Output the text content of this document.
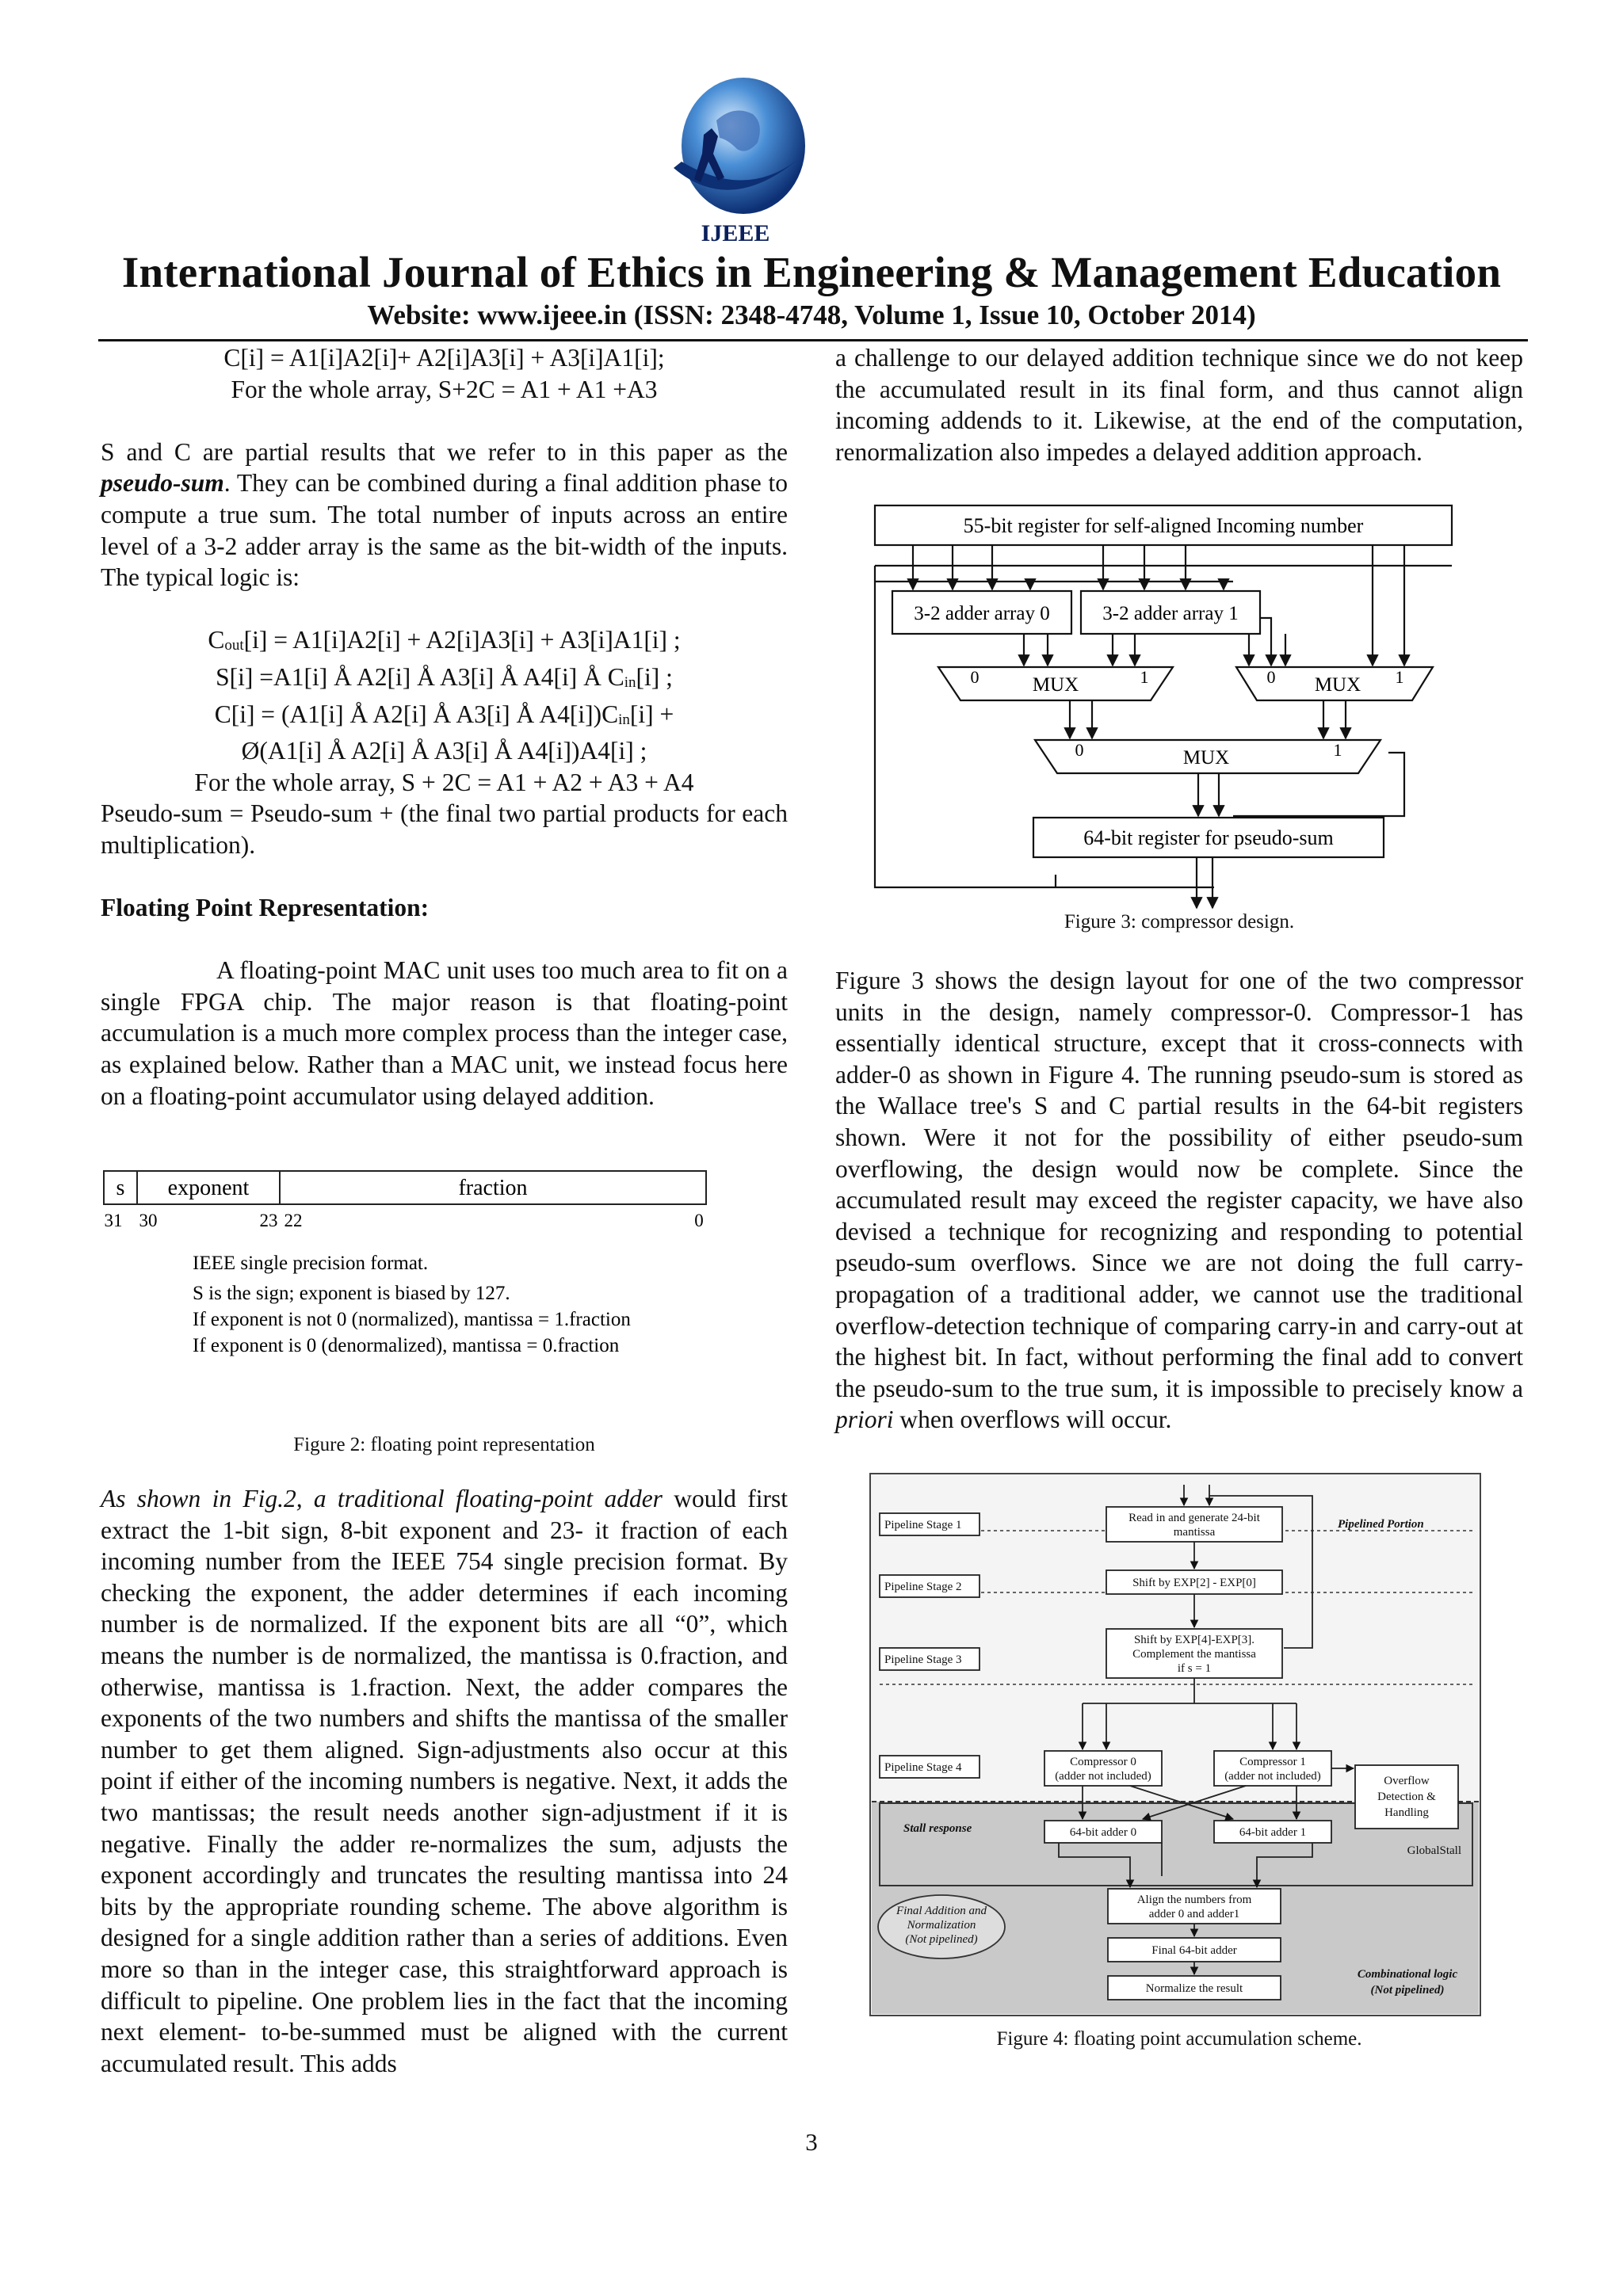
IJEEE
International Journal of Ethics in Engineering & Management Education
Website: www.ijeee.in (ISSN: 2348-4748, Volume 1, Issue 10, October 2014)

C[i] = A1[i]A2[i]+ A2[i]A3[i] + A3[i]A1[i];

For the whole array, S+2C = A1 + A1 +A3

S and C are partial results that we refer to in this paper as the pseudo-sum. They can be combined during a final addition phase to compute a true sum. The total number of inputs across an entire level of a 3-2 adder array is the same as the bit-width of the inputs. The typical logic is:

$C_{out}[i] = A1[i]A2[i] + A2[i]A3[i] + A3[i]A1[i]$ ;

S[i] =A1[i] Å A2[i] Å A3[i] Å A4[i] Å $C_{in}[i]$ ;

C[i] = (A1[i] Å A2[i] Å A3[i] Å $A4[i])C_{in}[i]$ +

Ø(A1[i] Å A2[i] Å A3[i] Å A4[i])A4[i] ;

For the whole array, S + 2C = A1 + A2 + A3 + A4

Pseudo-sum = Pseudo-sum + (the final two partial products for each multiplication).

Floating Point Representation:

A floating-point MAC unit uses too much area to fit on a single FPGA chip. The major reason is that floating-point accumulation is a much more complex process than the integer case, as explained below. Rather than a MAC unit, we instead focus here on a floating-point accumulator using delayed addition.

s exponent	fraction
31 30	23 22	0
IEEE single precision format.
S is the sign; exponent is biased by 127.
If exponent is not 0 (normalized), mantissa = 1.fraction
If exponent is 0 (denormalized), mantissa = 0.fraction
Figure 2: floating point representation

As shown in Fig.2, a traditional floating-point adder would first extract the 1-bit sign, 8-bit exponent and 23- it fraction of each incoming number from the IEEE 754 single precision format. By checking the exponent, the adder determines if each incoming number is de normalized. If the exponent bits are all “0”, which means the number is de normalized, the mantissa is 0.fraction, and otherwise, mantissa is 1.fraction. Next, the adder compares the exponents of the two numbers and shifts the mantissa of the smaller number to get them aligned. Sign-adjustments also occur at this point if either of the incoming numbers is negative. Next, it adds the two mantissas; the result needs another sign-adjustment if it is negative. Finally the adder re-normalizes the sum, adjusts the exponent accordingly and truncates the resulting mantissa into 24 bits by the appropriate rounding scheme. The above algorithm is designed for a single addition rather than a series of additions. Even more so than in the integer case, this straightforward approach is difficult to pipeline. One problem lies in the fact that the incoming next element- to-be-summed must be aligned with the current accumulated result. This adds

a challenge to our delayed addition technique since we do not keep the accumulated result in its final form, and thus cannot align incoming addends to it. Likewise, at the end of the computation, renormalization also impedes a delayed addition approach.

55-bit register for self-aligned Incoming number
3-2 adder array 0	3-2 adder array 1
MUX
0	1	MUX
0	1
MUX
0	1
64-bit register for pseudo-sum
Figure 3: compressor design.

Figure 3 shows the design layout for one of the two compressor units in the design, namely compressor-0. Compressor-1 has essentially identical structure, except that it cross-connects with adder-0 as shown in Figure 4. The running pseudo-sum is stored as the Wallace tree's S and C partial results in the 64-bit registers shown. Were it not for the possibility of either pseudo-sum overflowing, the design would now be complete. Since the accumulated result may exceed the register capacity, we have also devised a technique for recognizing and responding to potential pseudo-sum overflows. Since we are not doing the full carry-propagation of a traditional adder, we cannot use the traditional overflow-detection technique of comparing carry-in and carry-out at the highest bit. In fact, without performing the final add to convert the pseudo-sum to the true sum, it is impossible to precisely know a priori when overflows will occur.

Pipeline Stage 1
Pipeline Stage 2
Pipeline Stage 3
Pipeline Stage 4
Pipelined Portion
Read in and generate 24-bit
mantissa
Shift by EXP[2] - EXP[0]
Shift by EXP[4]-EXP[3].
Complement the mantissa
if s = 1
Compressor 0
(adder not included)
Compressor 1
(adder not included)	Overflow
Detection &
Handling
Stall response	64-bit adder 0	64-bit adder 1
GlobalStall
Align the numbers from
adder 0 and adder1
Final 64-bit adder
Normalize the result
Final Addition and
Normalization
(Not pipelined)
Combinational logic
(Not pipelined)
Figure 4: floating point accumulation scheme.
3
